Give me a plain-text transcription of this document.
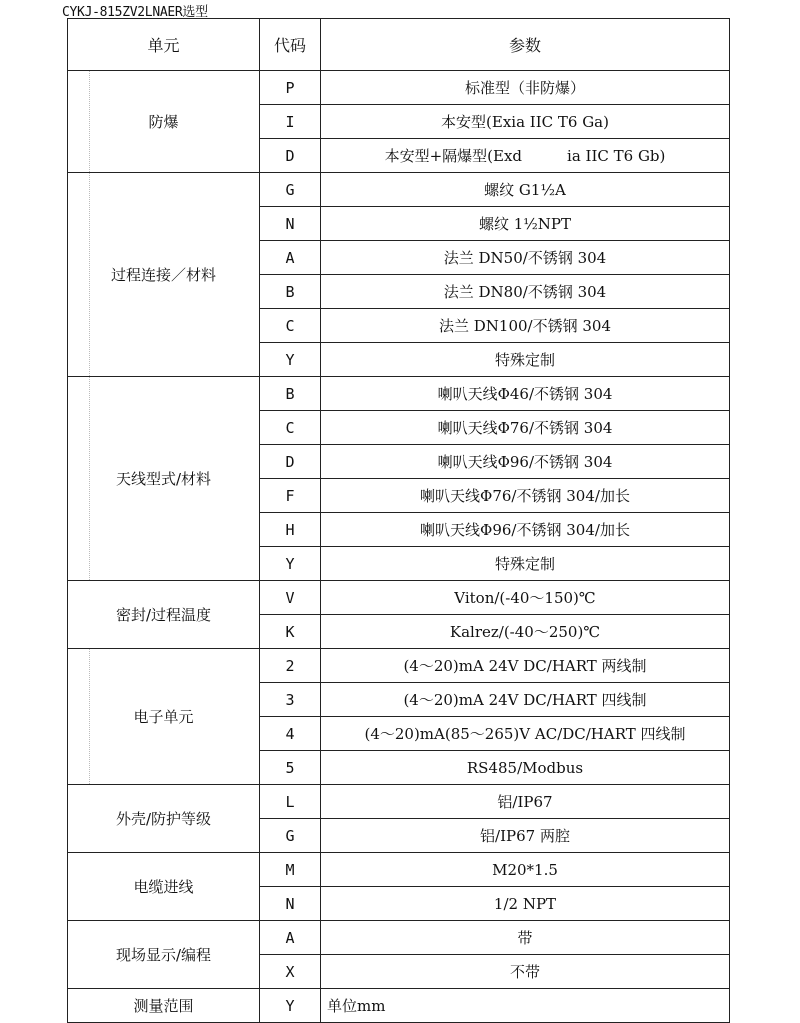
CYKJ-815ZV2LNAER选型
单元	代码	参数

防爆	P	标准型（非防爆）
	I	本安型(Exia IIC T6 Ga)
	D	本安型+隔爆型(Exd　　　ia IIC T6 Gb)

过程连接／材料	G	螺纹 G1½A
	N	螺纹 1½NPT
	A	法兰 DN50/不锈钢 304
	B	法兰 DN80/不锈钢 304
	C	法兰 DN100/不锈钢 304
	Y	特殊定制

天线型式/材料	B	喇叭天线Φ46/不锈钢 304
	C	喇叭天线Φ76/不锈钢 304
	D	喇叭天线Φ96/不锈钢 304
	F	喇叭天线Φ76/不锈钢 304/加长
	H	喇叭天线Φ96/不锈钢 304/加长
	Y	特殊定制
密封/过程温度	V	Viton/(-40～150)℃
	K	Kalrez/(-40～250)℃

电子单元	2	(4～20)mA 24V DC/HART 两线制
	3	(4～20)mA 24V DC/HART 四线制
	4	(4～20)mA(85～265)V AC/DC/HART 四线制
	5	RS485/Modbus
外壳/防护等级	L	铝/IP67
	G	铝/IP67 两腔
电缆进线	M	M20*1.5
	N	1/2 NPT
现场显示/编程	A	带
	X	不带
测量范围	Y	单位mm
